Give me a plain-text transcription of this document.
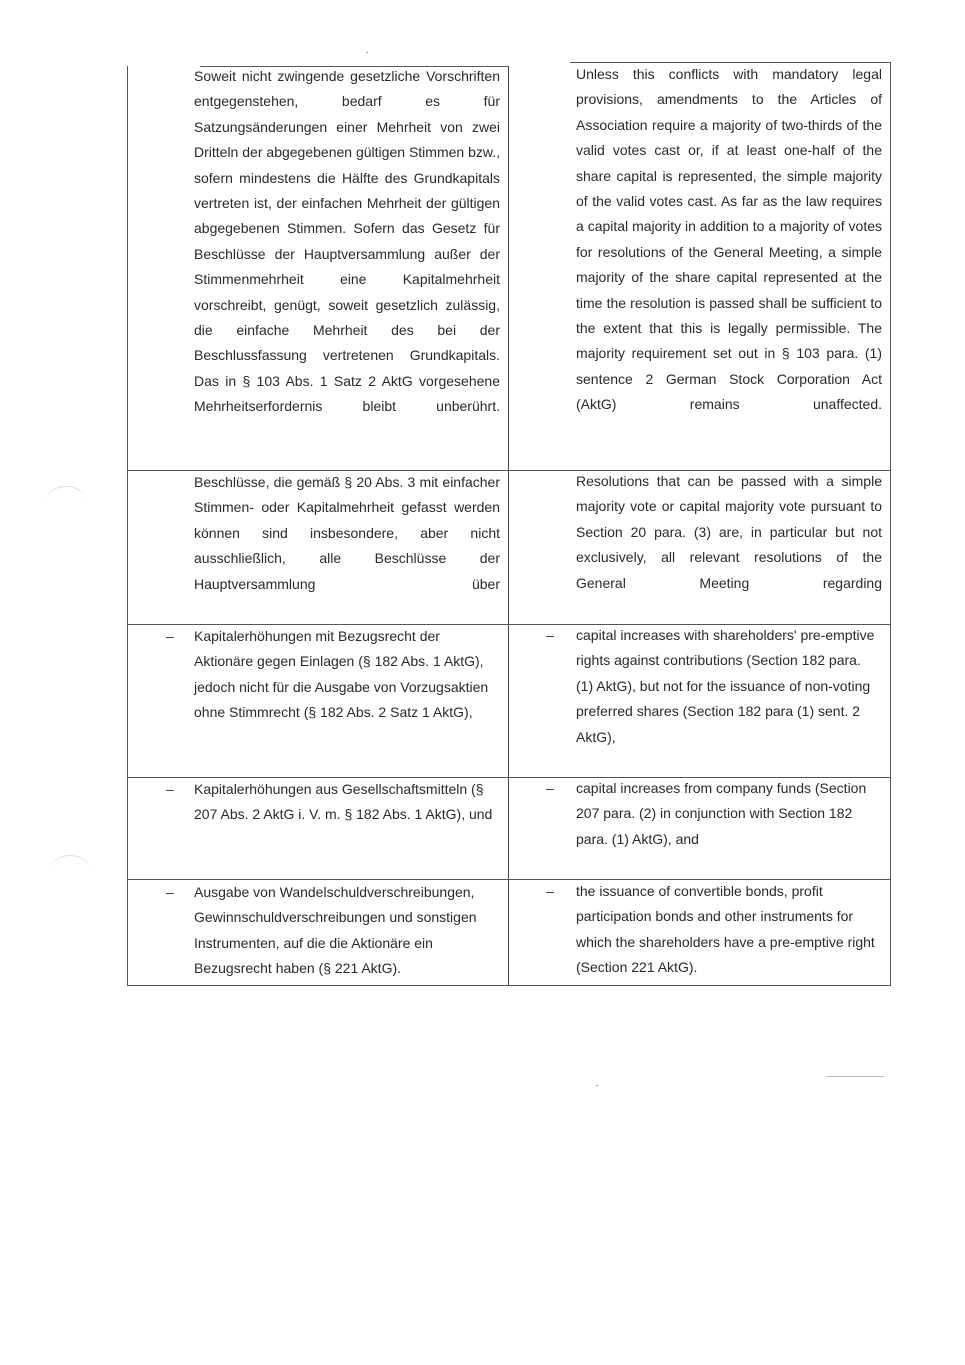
Soweit nicht zwingende gesetzliche Vorschriften entgegenstehen, bedarf es für Satzungsänderungen einer Mehrheit von zwei Dritteln der abgegebenen gültigen Stimmen bzw., sofern mindestens die Hälfte des Grundkapitals vertreten ist, der einfachen Mehrheit der gültigen abgegebenen Stimmen. Sofern das Gesetz für Beschlüsse der Hauptversammlung außer der Stimmenmehrheit eine Kapitalmehrheit vorschreibt, genügt, soweit gesetzlich zulässig, die einfache Mehrheit des bei der Beschlussfassung vertretenen Grundkapitals. Das in § 103 Abs. 1 Satz 2 AktG vorgesehene Mehrheitserfordernis bleibt unberührt.

Unless this conflicts with mandatory legal provisions, amendments to the Articles of Association require a majority of two-thirds of the valid votes cast or, if at least one-half of the share capital is represented, the simple majority of the valid votes cast. As far as the law requires a capital majority in addition to a majority of votes for resolutions of the General Meeting, a simple majority of the share capital represented at the time the resolution is passed shall be sufficient to the extent that this is legally permissible. The majority requirement set out in § 103 para. (1) sentence 2 German Stock Corporation Act (AktG) remains unaffected.

Beschlüsse, die gemäß § 20 Abs. 3 mit einfacher Stimmen- oder Kapitalmehrheit gefasst werden können sind insbesondere, aber nicht ausschließlich, alle Beschlüsse der Hauptversammlung über

Resolutions that can be passed with a simple majority vote or capital majority vote pursuant to Section 20 para. (3) are, in particular but not exclusively, all relevant resolutions of the General Meeting regarding

– Kapitalerhöhungen mit Bezugsrecht der Aktionäre gegen Einlagen (§ 182 Abs. 1 AktG), jedoch nicht für die Ausgabe von Vorzugsaktien ohne Stimmrecht (§ 182 Abs. 2 Satz 1 AktG),

– capital increases with shareholders' pre-emptive rights against contributions (Section 182 para. (1) AktG), but not for the issuance of non-voting preferred shares (Section 182 para (1) sent. 2 AktG),

– Kapitalerhöhungen aus Gesellschaftsmitteln (§ 207 Abs. 2 AktG i. V. m. § 182 Abs. 1 AktG), und

– capital increases from company funds (Section 207 para. (2) in conjunction with Section 182 para. (1) AktG), and

– Ausgabe von Wandelschuldverschreibungen, Gewinnschuldverschreibungen und sonstigen Instrumenten, auf die die Aktionäre ein Bezugsrecht haben (§ 221 AktG).

– the issuance of convertible bonds, profit participation bonds and other instruments for which the shareholders have a pre-emptive right (Section 221 AktG).
